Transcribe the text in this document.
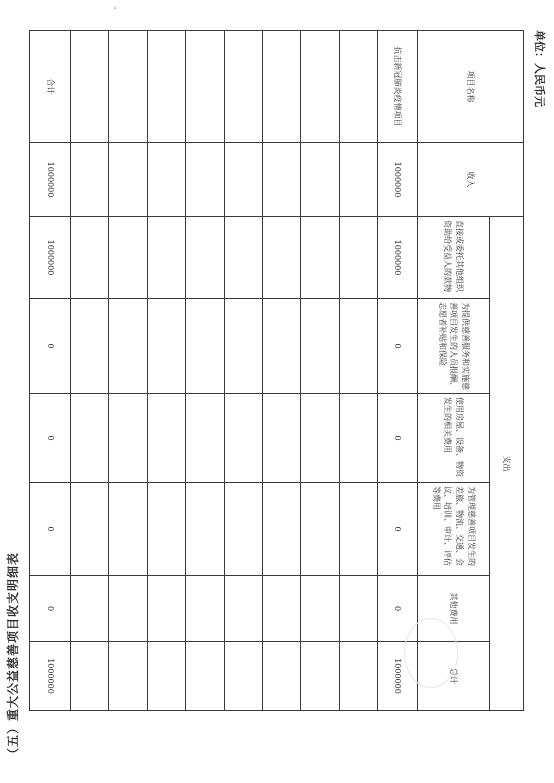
'
（五）重大公益慈善项目收支明细表
单位：人民币元
项目名称	收入	支出					
		直接或委托其他组织资助给受益人的款物	为提供慈善服务和实施慈善项目发生的人员报酬、志愿者补贴和保险	使用房屋、设备、物资发生的相关费用	为管理慈善项目发生的差旅、物流、交通、会议、培训、审计、评估等费用	其他费用	总计
抗击新冠肺炎疫情项目	1000000	1000000	0	0	0	0	1000000

合计	1000000	1000000	0	0	0	0	1000000
